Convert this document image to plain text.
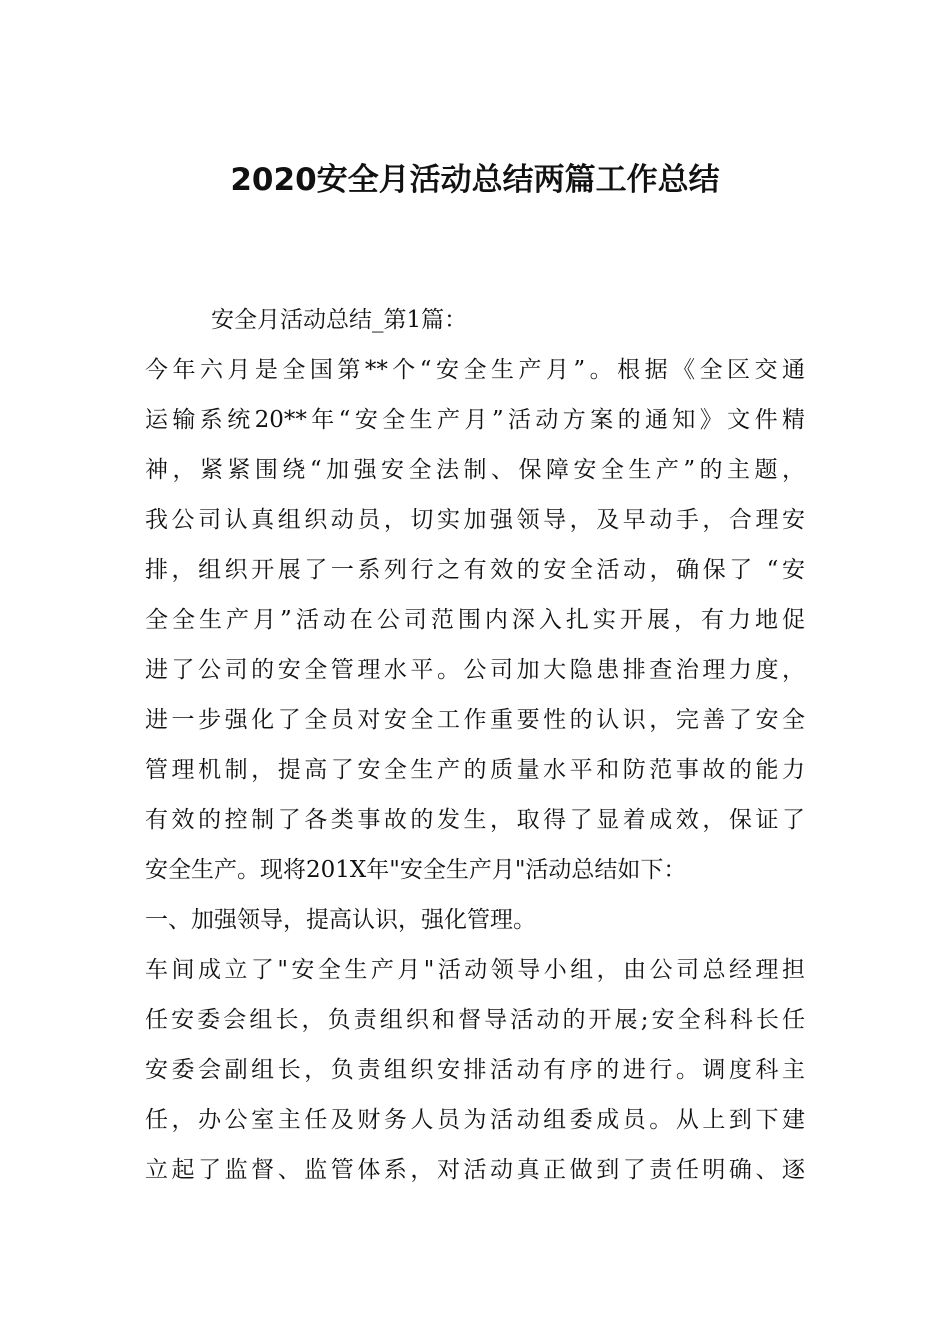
2020安全月活动总结两篇工作总结
安全月活动总结_第1篇：
今年六月是全国第**个“安全生产月”。根据《全区交通
运输系统20**年“安全生产月”活动方案的通知》文件精
神，紧紧围绕“加强安全法制、保障安全生产”的主题，
我公司认真组织动员，切实加强领导，及早动手，合理安
排，组织开展了一系列行之有效的安全活动，确保了 “安
全全生产月”活动在公司范围内深入扎实开展，有力地促
进了公司的安全管理水平。公司加大隐患排查治理力度，
进一步强化了全员对安全工作重要性的认识，完善了安全
管理机制，提高了安全生产的质量水平和防范事故的能力
有效的控制了各类事故的发生，取得了显着成效，保证了
安全生产。现将201X年"安全生产月"活动总结如下：
一、加强领导，提高认识，强化管理。
车间成立了"安全生产月"活动领导小组，由公司总经理担
任安委会组长，负责组织和督导活动的开展;安全科科长任
安委会副组长，负责组织安排活动有序的进行。调度科主
任，办公室主任及财务人员为活动组委成员。从上到下建
立起了监督、监管体系，对活动真正做到了责任明确、逐
